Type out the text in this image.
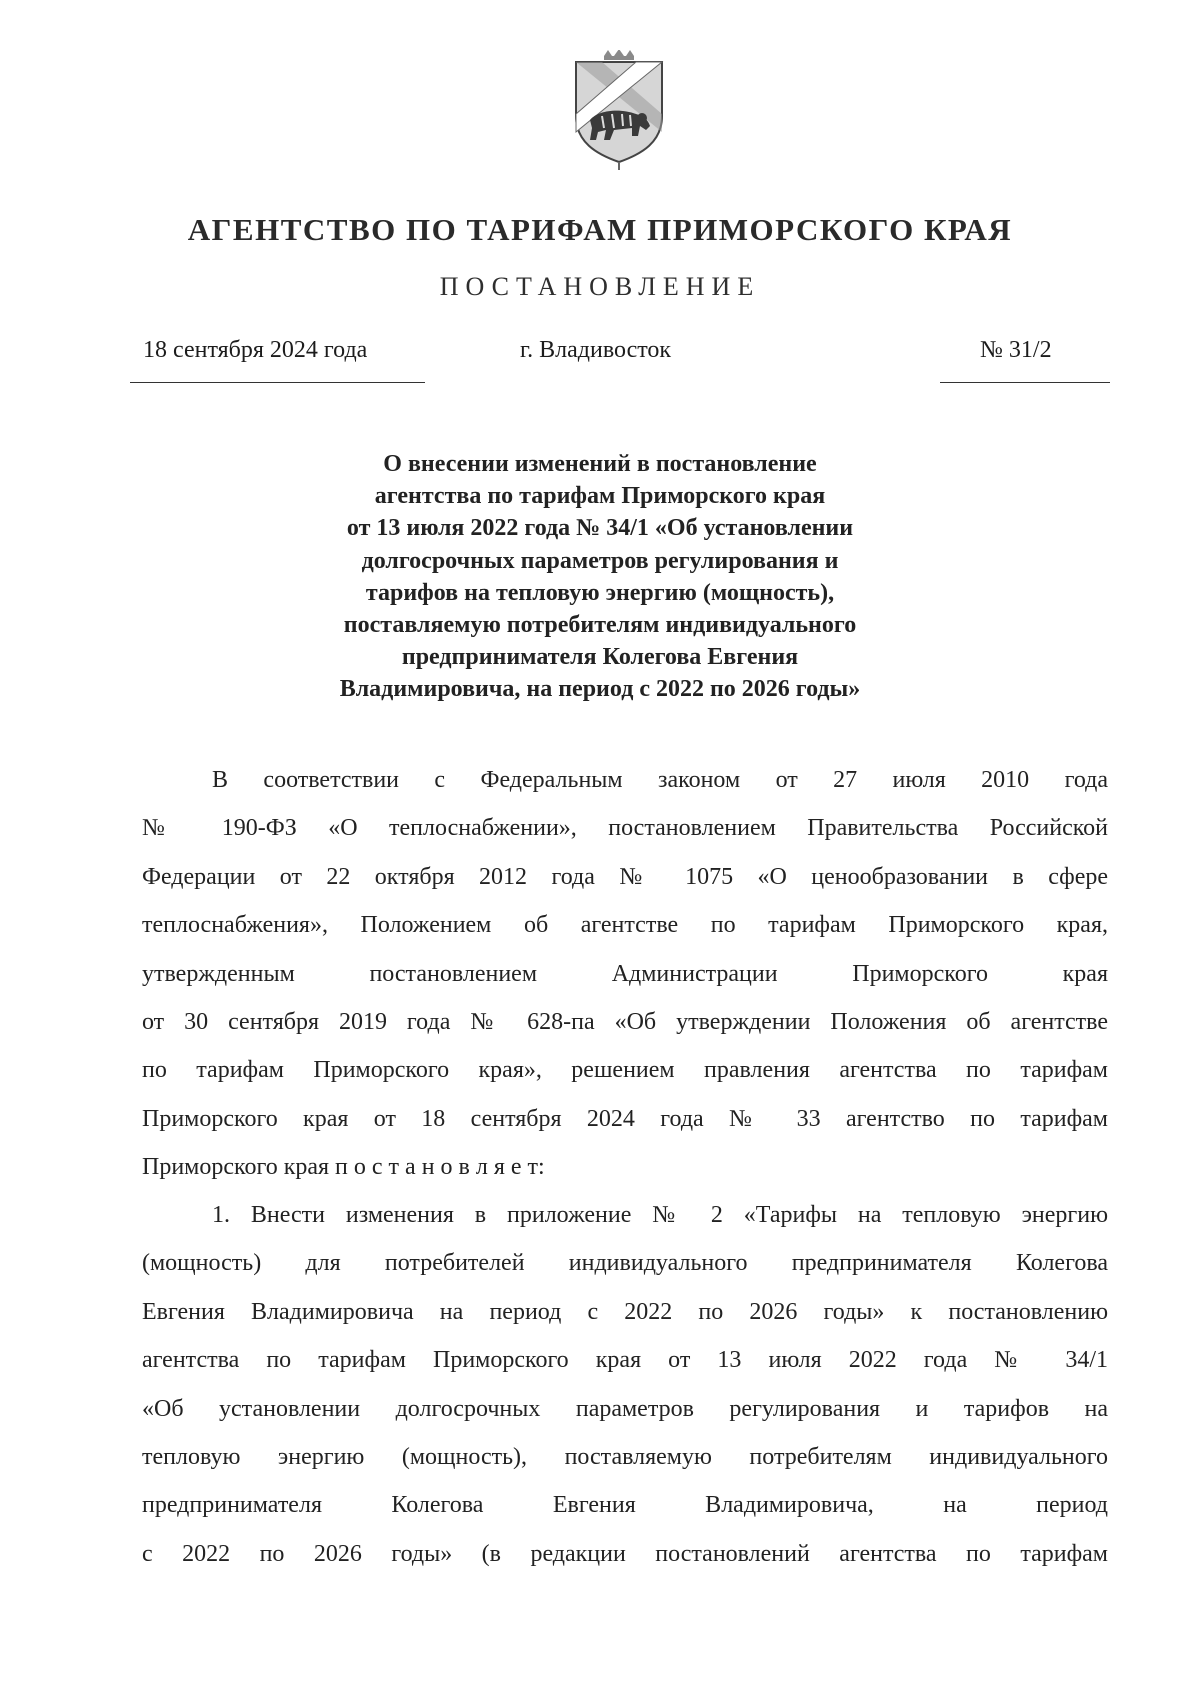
АГЕНТСТВО ПО ТАРИФАМ ПРИМОРСКОГО КРАЯ
ПОСТАНОВЛЕНИЕ
18 сентября 2024 года	г. Владивосток	№ 31/2
О внесении изменений в постановление
агентства по тарифам Приморского края
от 13 июля 2022 года № 34/1 «Об установлении
долгосрочных параметров регулирования и
тарифов на тепловую энергию (мощность),
поставляемую потребителям индивидуального
предпринимателя Колегова Евгения
Владимировича, на период с 2022 по 2026 годы»
В соответствии с Федеральным законом от 27 июля 2010 года
№ 190-ФЗ «О теплоснабжении», постановлением Правительства Российской
Федерации от 22 октября 2012 года № 1075 «О ценообразовании в сфере
теплоснабжения», Положением об агентстве по тарифам Приморского края,
утвержденным постановлением Администрации Приморского края
от 30 сентября 2019 года № 628-па «Об утверждении Положения об агентстве
по тарифам Приморского края», решением правления агентства по тарифам
Приморского края от 18 сентября 2024 года № 33 агентство по тарифам
Приморского края п о с т а н о в л я е т:
1. Внести изменения в приложение № 2 «Тарифы на тепловую энергию
(мощность) для потребителей индивидуального предпринимателя Колегова
Евгения Владимировича на период с 2022 по 2026 годы» к постановлению
агентства по тарифам Приморского края от 13 июля 2022 года № 34/1
«Об установлении долгосрочных параметров регулирования и тарифов на
тепловую энергию (мощность), поставляемую потребителям индивидуального
предпринимателя Колегова Евгения Владимировича, на период
с 2022 по 2026 годы» (в редакции постановлений агентства по тарифам
